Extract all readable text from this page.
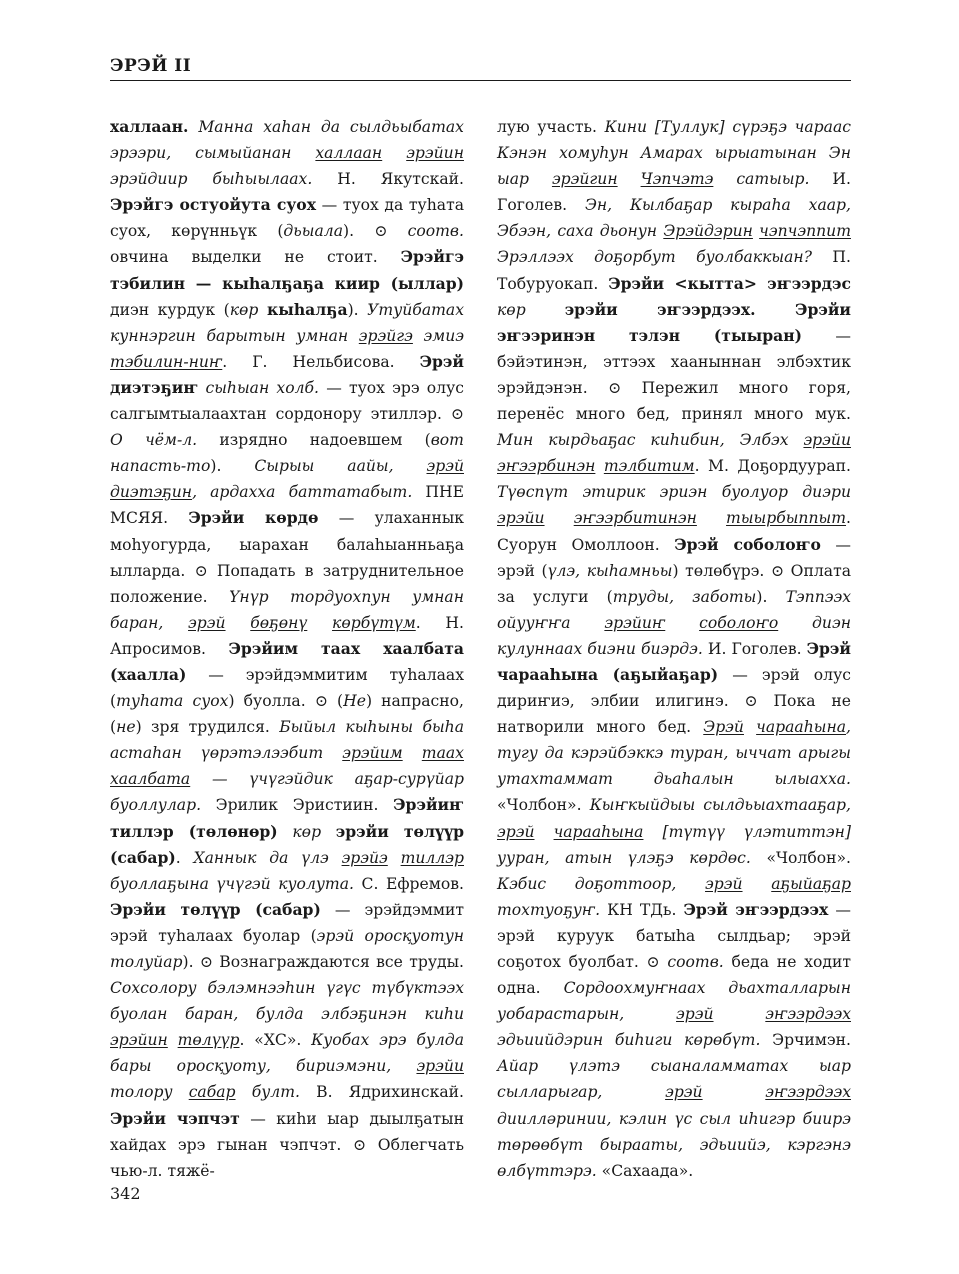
ЭРЭЙ II

халлаан. Манна хаһан да сылдьыбатах эрээри, сымыйанан халлаан эрэйин эрэйдиир быһыылаах. Н. Якутскай. Эрэйгэ остуойута суох — туох да туһата суох, көрүнньүк (дьыала). ⊙ соотв. овчина выделки не стоит. Эрэйгэ тэбилин — кыһалҕаҕа киир (ыллар) диэн курдук (көр кыһалҕа). Утуйбатах куннэргин барытын умнан эрэйгэ эмиэ тэбилин-ниҥ. Г. Нельбисова. Эрэй диэтэҕиҥ сыһыан холб. — туох эрэ олус салгымтыалаахтан сордонору этиллэр. ⊙ О чём-л. изрядно надоевшем (вот напасть-то). Сырыы аайы, эрэй диэтэҕин, ардахха баттатабыт. ПНЕ МСЯЯ. Эрэйи көрдө — улаханнык моһуогурда, ыарахан балаһыанньаҕа ылларда. ⊙ Попадать в затруднительное положение. Үнүр тордуохпун умнан баран, эрэй бөҕөнү көрбүтүм. Н. Апросимов. Эрэйим таах хаалбата (хаалла) — эрэйдэммитим туһалаах (туһата суох) буолла. ⊙ (Не) напрасно, (не) зря трудился. Быйыл кыһыны быһа астаһан үөрэтэлээбит эрэйим таах хаалбата — үчүгэйдик аҕар-сурүйар буоллулар. Эрилик Эристиин. Эрэйиҥ тиллэр (төлөнөр) көр эрэйи төлүүр (сабар). Ханнык да үлэ эрэйэ тиллэр буоллаҕына үчүгэй куолута. С. Ефремов. Эрэйи төлүүр (сабар) — эрэйдэммит эрэй туһалаах буолар (эрэй оросқуотун толуйар). ⊙ Вознаграждаются все труды. Сохсолору бэлэмнээһин үгүс түбүктээх буолан баран, булда элбэҕинэн киһи эрэйин төлүүр. «ХС». Куобах эрэ булда бары оросқуоту, бириэмэни, эрэйи толору сабар булт. В. Ядрихинскай. Эрэйи чэпчэт — киһи ыар дыылҕатын хайдах эрэ гынан чэпчэт. ⊙ Облегчать чью-л. тяжё-

лую участь. Кини [Туллук] сүрэҕэ чараас Кэнэн хомуһун Амарах ырыатынан Эн ыар эрэйгин Чэпчэтэ сатыыр. И. Гоголев. Эн, Кылбаҕар кыраһа хаар, Эбээн, саха дьонун Эрэйдэрин чэпчэппит Эрэллээх доҕорбут буолбаккыан? П. Тобуруокап. Эрэйи <кытта> эҥээрдэс көр	эрэйи эҥээрдээх. Эрэйи эҥээринэн тэлэн (тыыран) — бэйэтинэн, эттээх хааныннан элбэхтик эрэйдэнэн. ⊙ Пережил много горя, перенёс много бед, принял много мук. Мин кырдьаҕас киһибин, Элбэх эрэйи эҥээрбинэн тэлбитим. М. Доҕордуурап. Түөспүт этирик эриэн буолуор диэри эрэйи эҥээрбитинэн тыырбыппыт. Суорун Омоллоон. Эрэй соболоҥо — эрэй (үлэ, кыһамньы) төлөбүрэ. ⊙ Оплата за услуги (труды, заботы). Тэппээх ойууҥҥа эрэйиҥ соболоҥо диэн кулуннаах биэни биэрдэ. И. Гоголев. Эрэй чарааһына (аҕыйаҕар) — эрэй олус дириҥиэ, элбии илигинэ. ⊙ Пока не натворили много бед. Эрэй чарааһына, тугу да кэрэйбэккэ туран, ыччат арыгы утахтаммат дьаһалын ылыахха. «Чолбон». Кыҥкыйдыы сылдьыахтааҕар, эрэй чарааһына [түтүү үлэтиттэн] ууран, атын үлэҕэ көрдөс. «Чолбон». Кэбис доҕоттоор, эрэй аҕыйаҕар тохтуоҕуҥ. КН ТДь. Эрэй эҥээрдээх — эрэй куруук батыһа сылдьар; эрэй соҕотох буолбат. ⊙ соотв. беда не ходит одна. Сордоохмуҥнаах дьахталларын уобарастарын, эрэй	эҥээрдээх эдьиийдэрин биһиги көрөбүт. Эрчимэн. Айар үлэтэ сыаналамматах ыар сылларыгар, эрэй	эҥээрдээх диилләринии, кэлин үс сыл иһигэр биирэ төрөөбүт бырааты, эдьиийэ, кэргэнэ өлбүттэрэ. «Сахаада».

342
